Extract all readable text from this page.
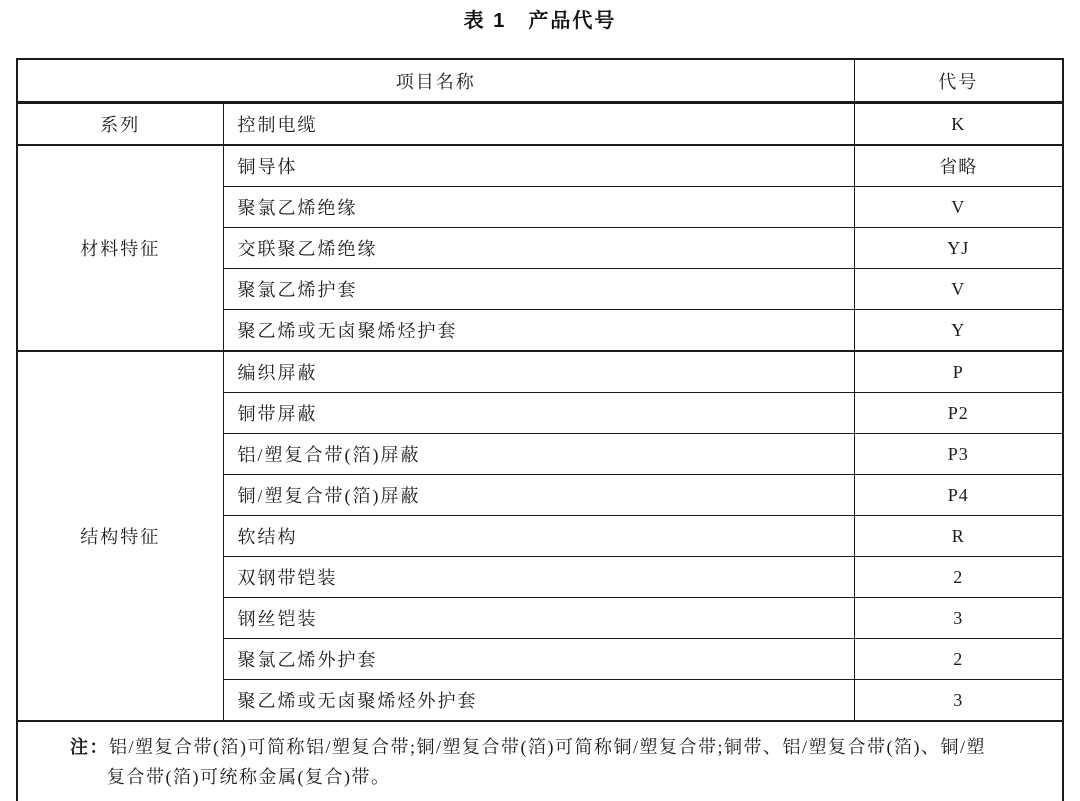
表 1　产品代号
项目名称		代号
系列	控制电缆	K
材料特征	铜导体	省略
	聚氯乙烯绝缘	V
	交联聚乙烯绝缘	YJ
	聚氯乙烯护套	V
	聚乙烯或无卤聚烯烃护套	Y
结构特征	编织屏蔽	P
	铜带屏蔽	P2
	铝/塑复合带(箔)屏蔽	P3
	铜/塑复合带(箔)屏蔽	P4
	软结构	R
	双钢带铠装	2
	钢丝铠装	3
	聚氯乙烯外护套	2
	聚乙烯或无卤聚烯烃外护套	3

注：铝/塑复合带(箔)可简称铝/塑复合带;铜/塑复合带(箔)可简称铜/塑复合带;铜带、铝/塑复合带(箔)、铜/塑
复合带(箔)可统称金属(复合)带。		
